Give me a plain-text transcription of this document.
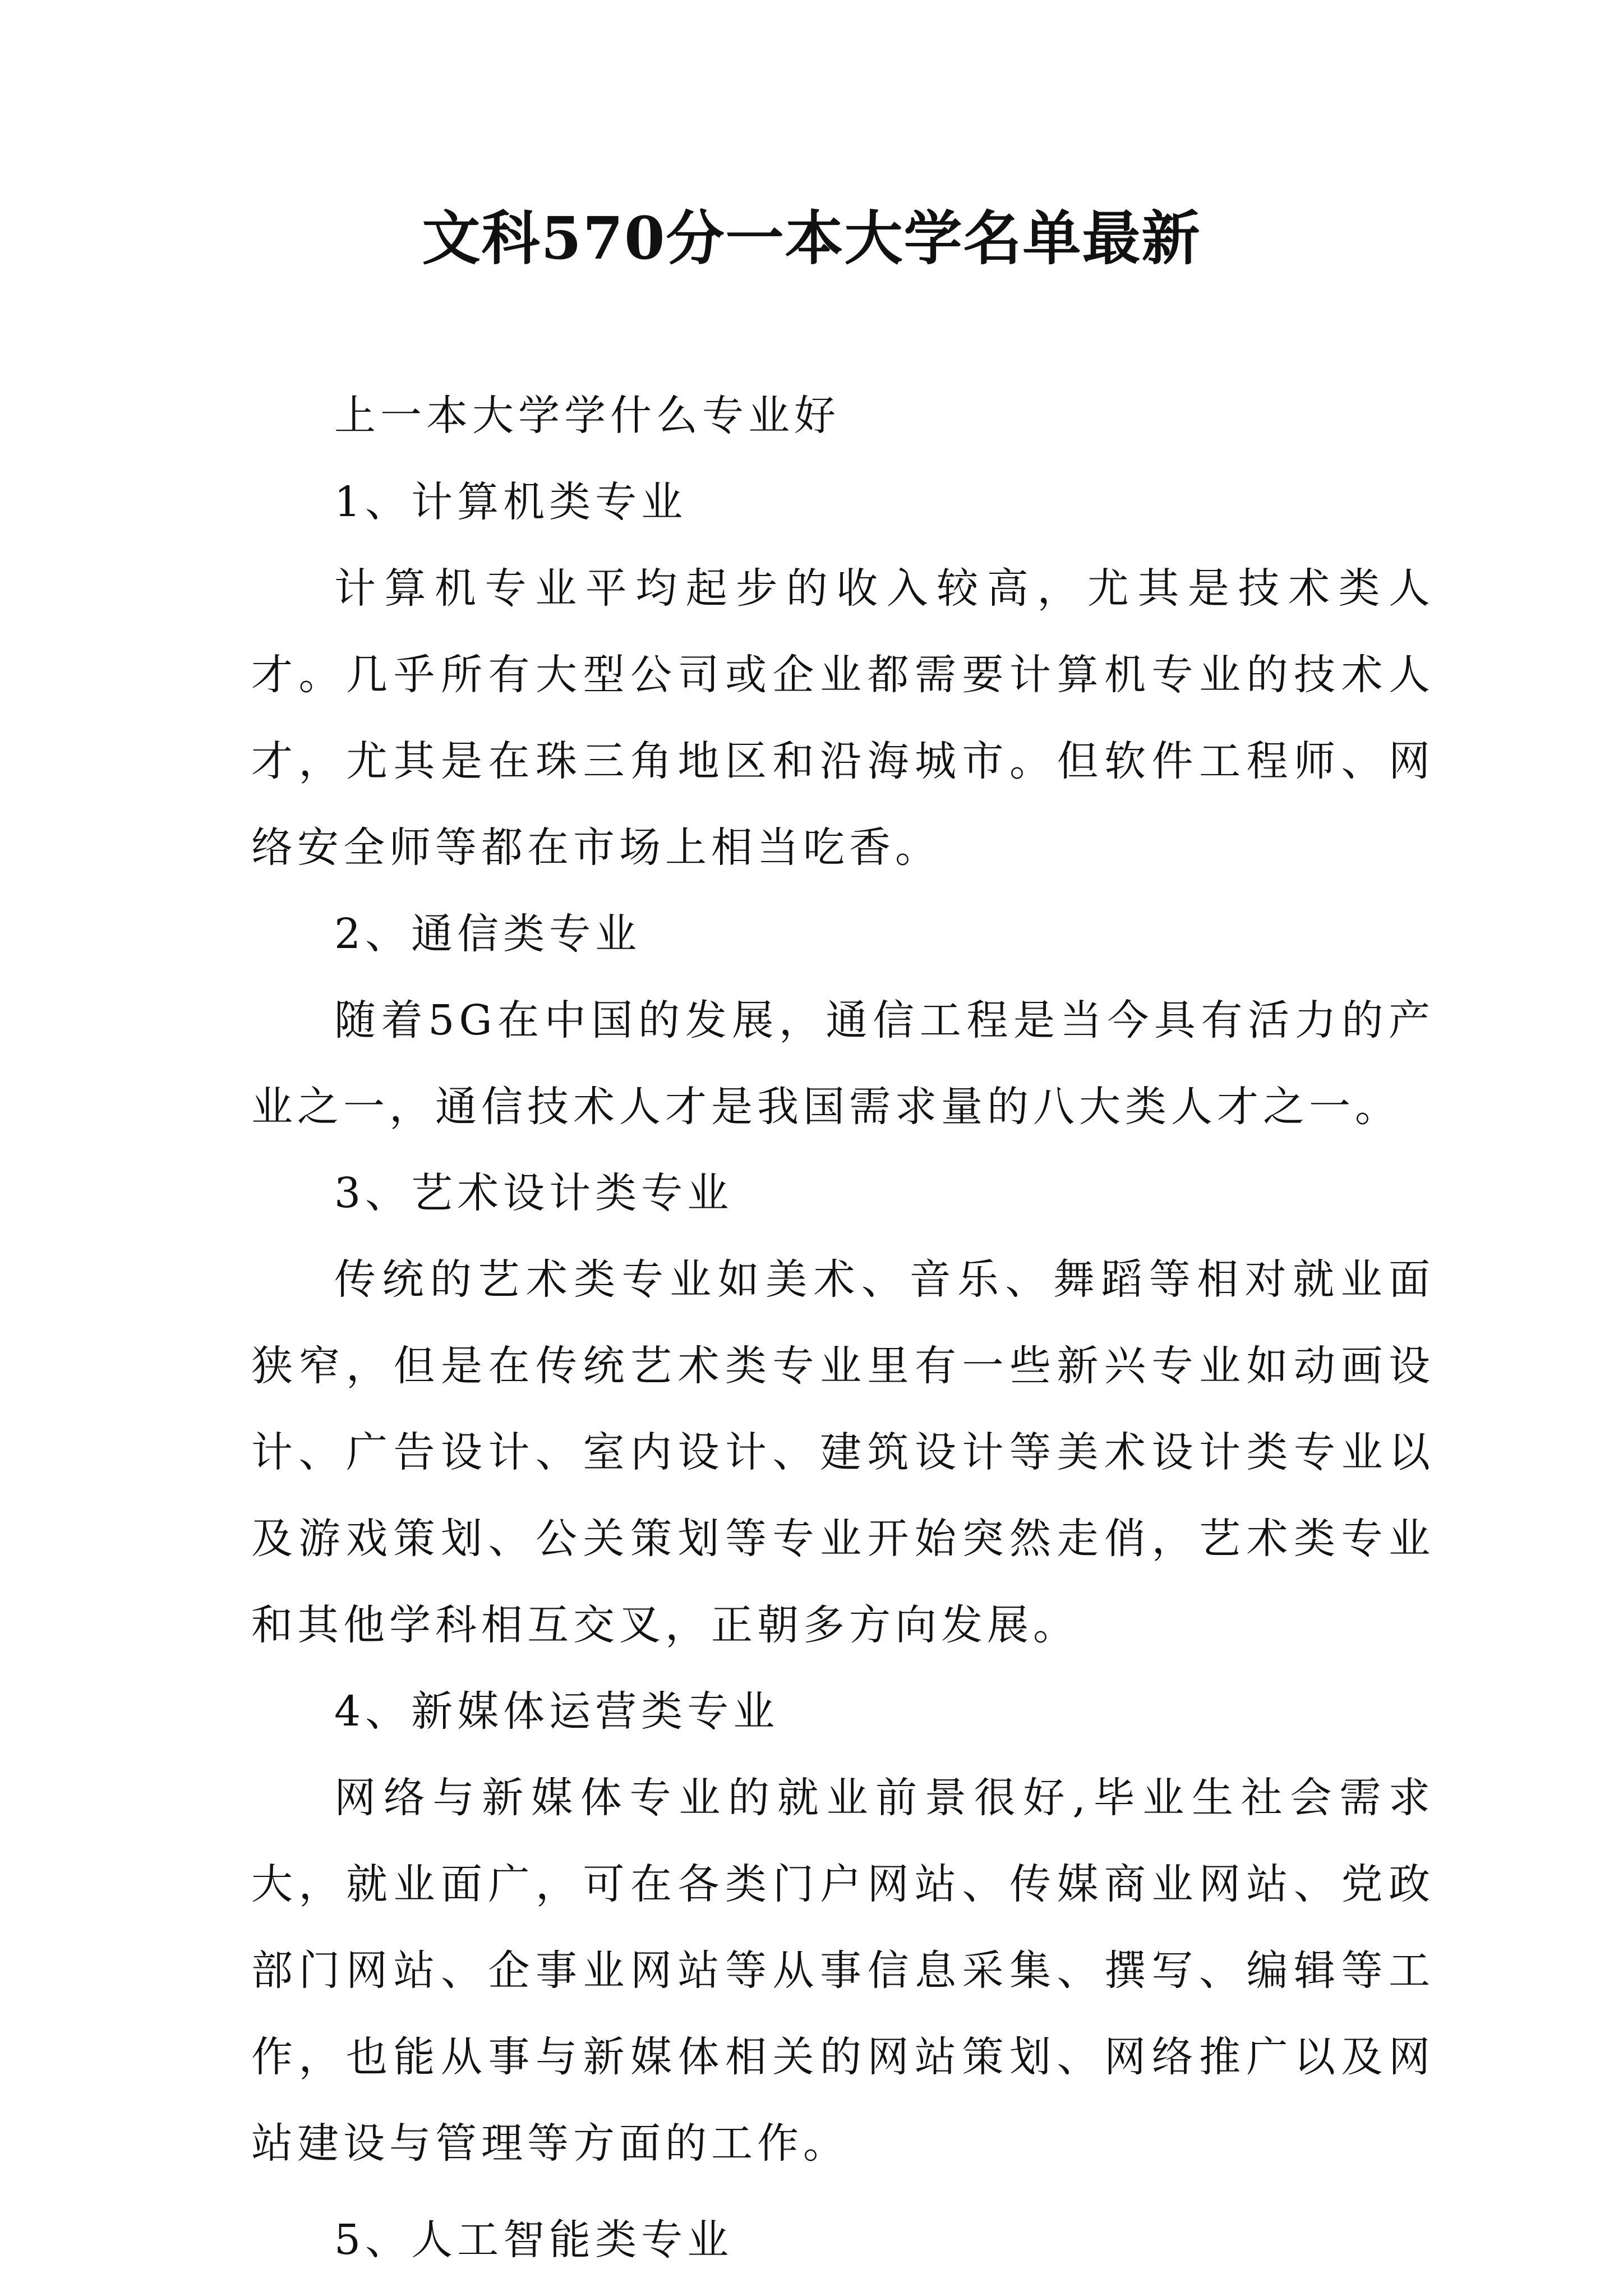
文科570分一本大学名单最新

上一本大学学什么专业好

1、计算机类专业

计算机专业平均起步的收入较高，尤其是技术类人才。几乎所有大型公司或企业都需要计算机专业的技术人才，尤其是在珠三角地区和沿海城市。但软件工程师、网络安全师等都在市场上相当吃香。

2、通信类专业

随着5G在中国的发展，通信工程是当今具有活力的产业之一，通信技术人才是我国需求量的八大类人才之一。

3、艺术设计类专业

传统的艺术类专业如美术、音乐、舞蹈等相对就业面狭窄，但是在传统艺术类专业里有一些新兴专业如动画设计、广告设计、室内设计、建筑设计等美术设计类专业以及游戏策划、公关策划等专业开始突然走俏，艺术类专业和其他学科相互交叉，正朝多方向发展。

4、新媒体运营类专业

网络与新媒体专业的就业前景很好,毕业生社会需求大，就业面广，可在各类门户网站、传媒商业网站、党政部门网站、企事业网站等从事信息采集、撰写、编辑等工作，也能从事与新媒体相关的网站策划、网络推广以及网站建设与管理等方面的工作。

5、人工智能类专业
